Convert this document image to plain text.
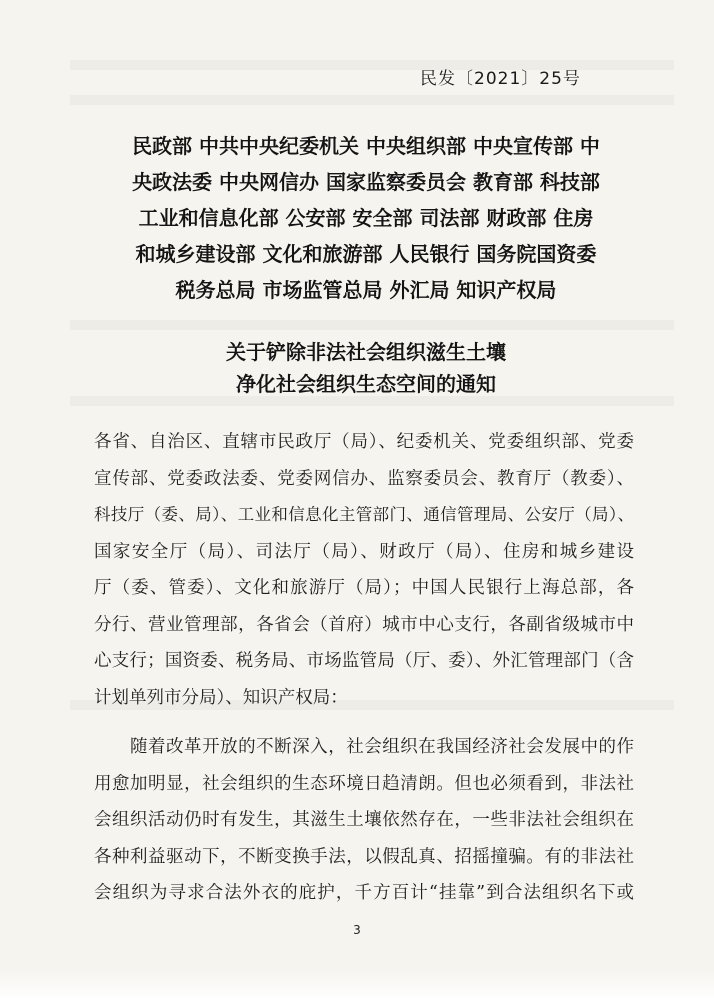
民发〔2021〕25号
民政部 中共中央纪委机关 中央组织部 中央宣传部 中
央政法委 中央网信办 国家监察委员会 教育部 科技部
工业和信息化部 公安部 安全部 司法部 财政部 住房
和城乡建设部 文化和旅游部 人民银行 国务院国资委
税务总局 市场监管总局 外汇局 知识产权局
关于铲除非法社会组织滋生土壤
净化社会组织生态空间的通知
各省、自治区、直辖市民政厅（局）、纪委机关、党委组织部、党委
宣传部、党委政法委、党委网信办、监察委员会、教育厅（教委）、
科技厅（委、局）、工业和信息化主管部门、通信管理局、公安厅（局）、
国家安全厅（局）、司法厅（局）、财政厅（局）、住房和城乡建设
厅（委、管委）、文化和旅游厅（局）；中国人民银行上海总部，各
分行、营业管理部，各省会（首府）城市中心支行，各副省级城市中
心支行；国资委、税务局、市场监管局（厅、委）、外汇管理部门（含
计划单列市分局）、知识产权局：
随着改革开放的不断深入，社会组织在我国经济社会发展中的作
用愈加明显，社会组织的生态环境日趋清朗。但也必须看到，非法社
会组织活动仍时有发生，其滋生土壤依然存在，一些非法社会组织在
各种利益驱动下，不断变换手法，以假乱真、招摇撞骗。有的非法社
会组织为寻求合法外衣的庇护，千方百计“挂靠”到合法组织名下或
3
